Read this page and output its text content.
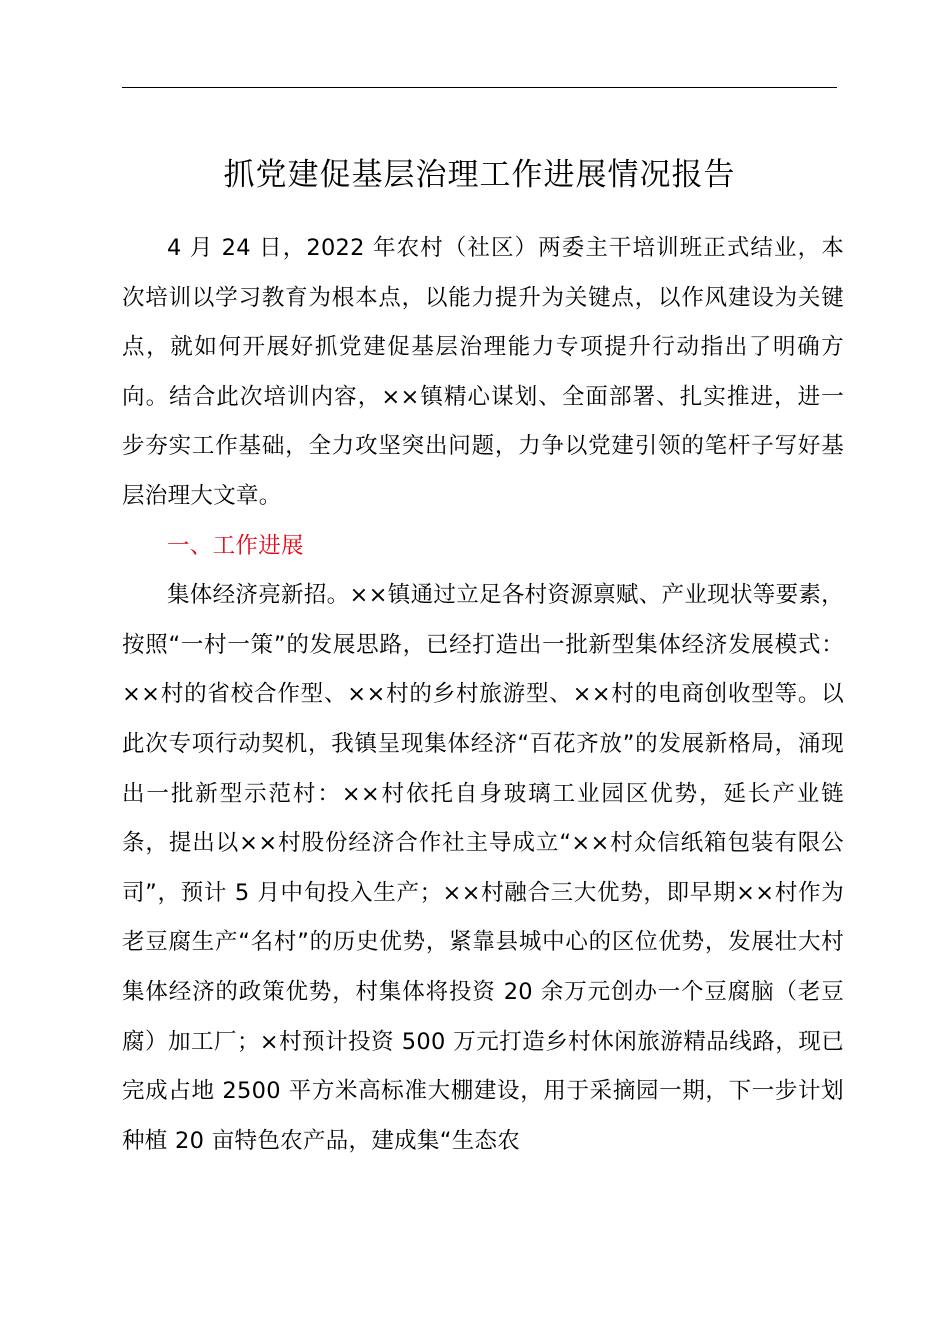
抓党建促基层治理工作进展情况报告

4 月 24 日，2022 年农村（社区）两委主干培训班正式结业，本次培训以学习教育为根本点，以能力提升为关键点，以作风建设为关键点，就如何开展好抓党建促基层治理能力专项提升行动指出了明确方向。结合此次培训内容，××镇精心谋划、全面部署、扎实推进，进一步夯实工作基础，全力攻坚突出问题，力争以党建引领的笔杆子写好基层治理大文章。

一、工作进展

集体经济亮新招。××镇通过立足各村资源禀赋、产业现状等要素，按照“一村一策”的发展思路，已经打造出一批新型集体经济发展模式：××村的省校合作型、××村的乡村旅游型、××村的电商创收型等。以此次专项行动契机，我镇呈现集体经济“百花齐放”的发展新格局，涌现出一批新型示范村：××村依托自身玻璃工业园区优势，延长产业链条，提出以××村股份经济合作社主导成立“××村众信纸箱包装有限公司”，预计 5 月中旬投入生产；××村融合三大优势，即早期××村作为老豆腐生产“名村”的历史优势，紧靠县城中心的区位优势，发展壮大村集体经济的政策优势，村集体将投资 20 余万元创办一个豆腐脑（老豆腐）加工厂；×村预计投资 500 万元打造乡村休闲旅游精品线路，现已完成占地 2500 平方米高标准大棚建设，用于采摘园一期，下一步计划种植 20 亩特色农产品，建成集“生态农
